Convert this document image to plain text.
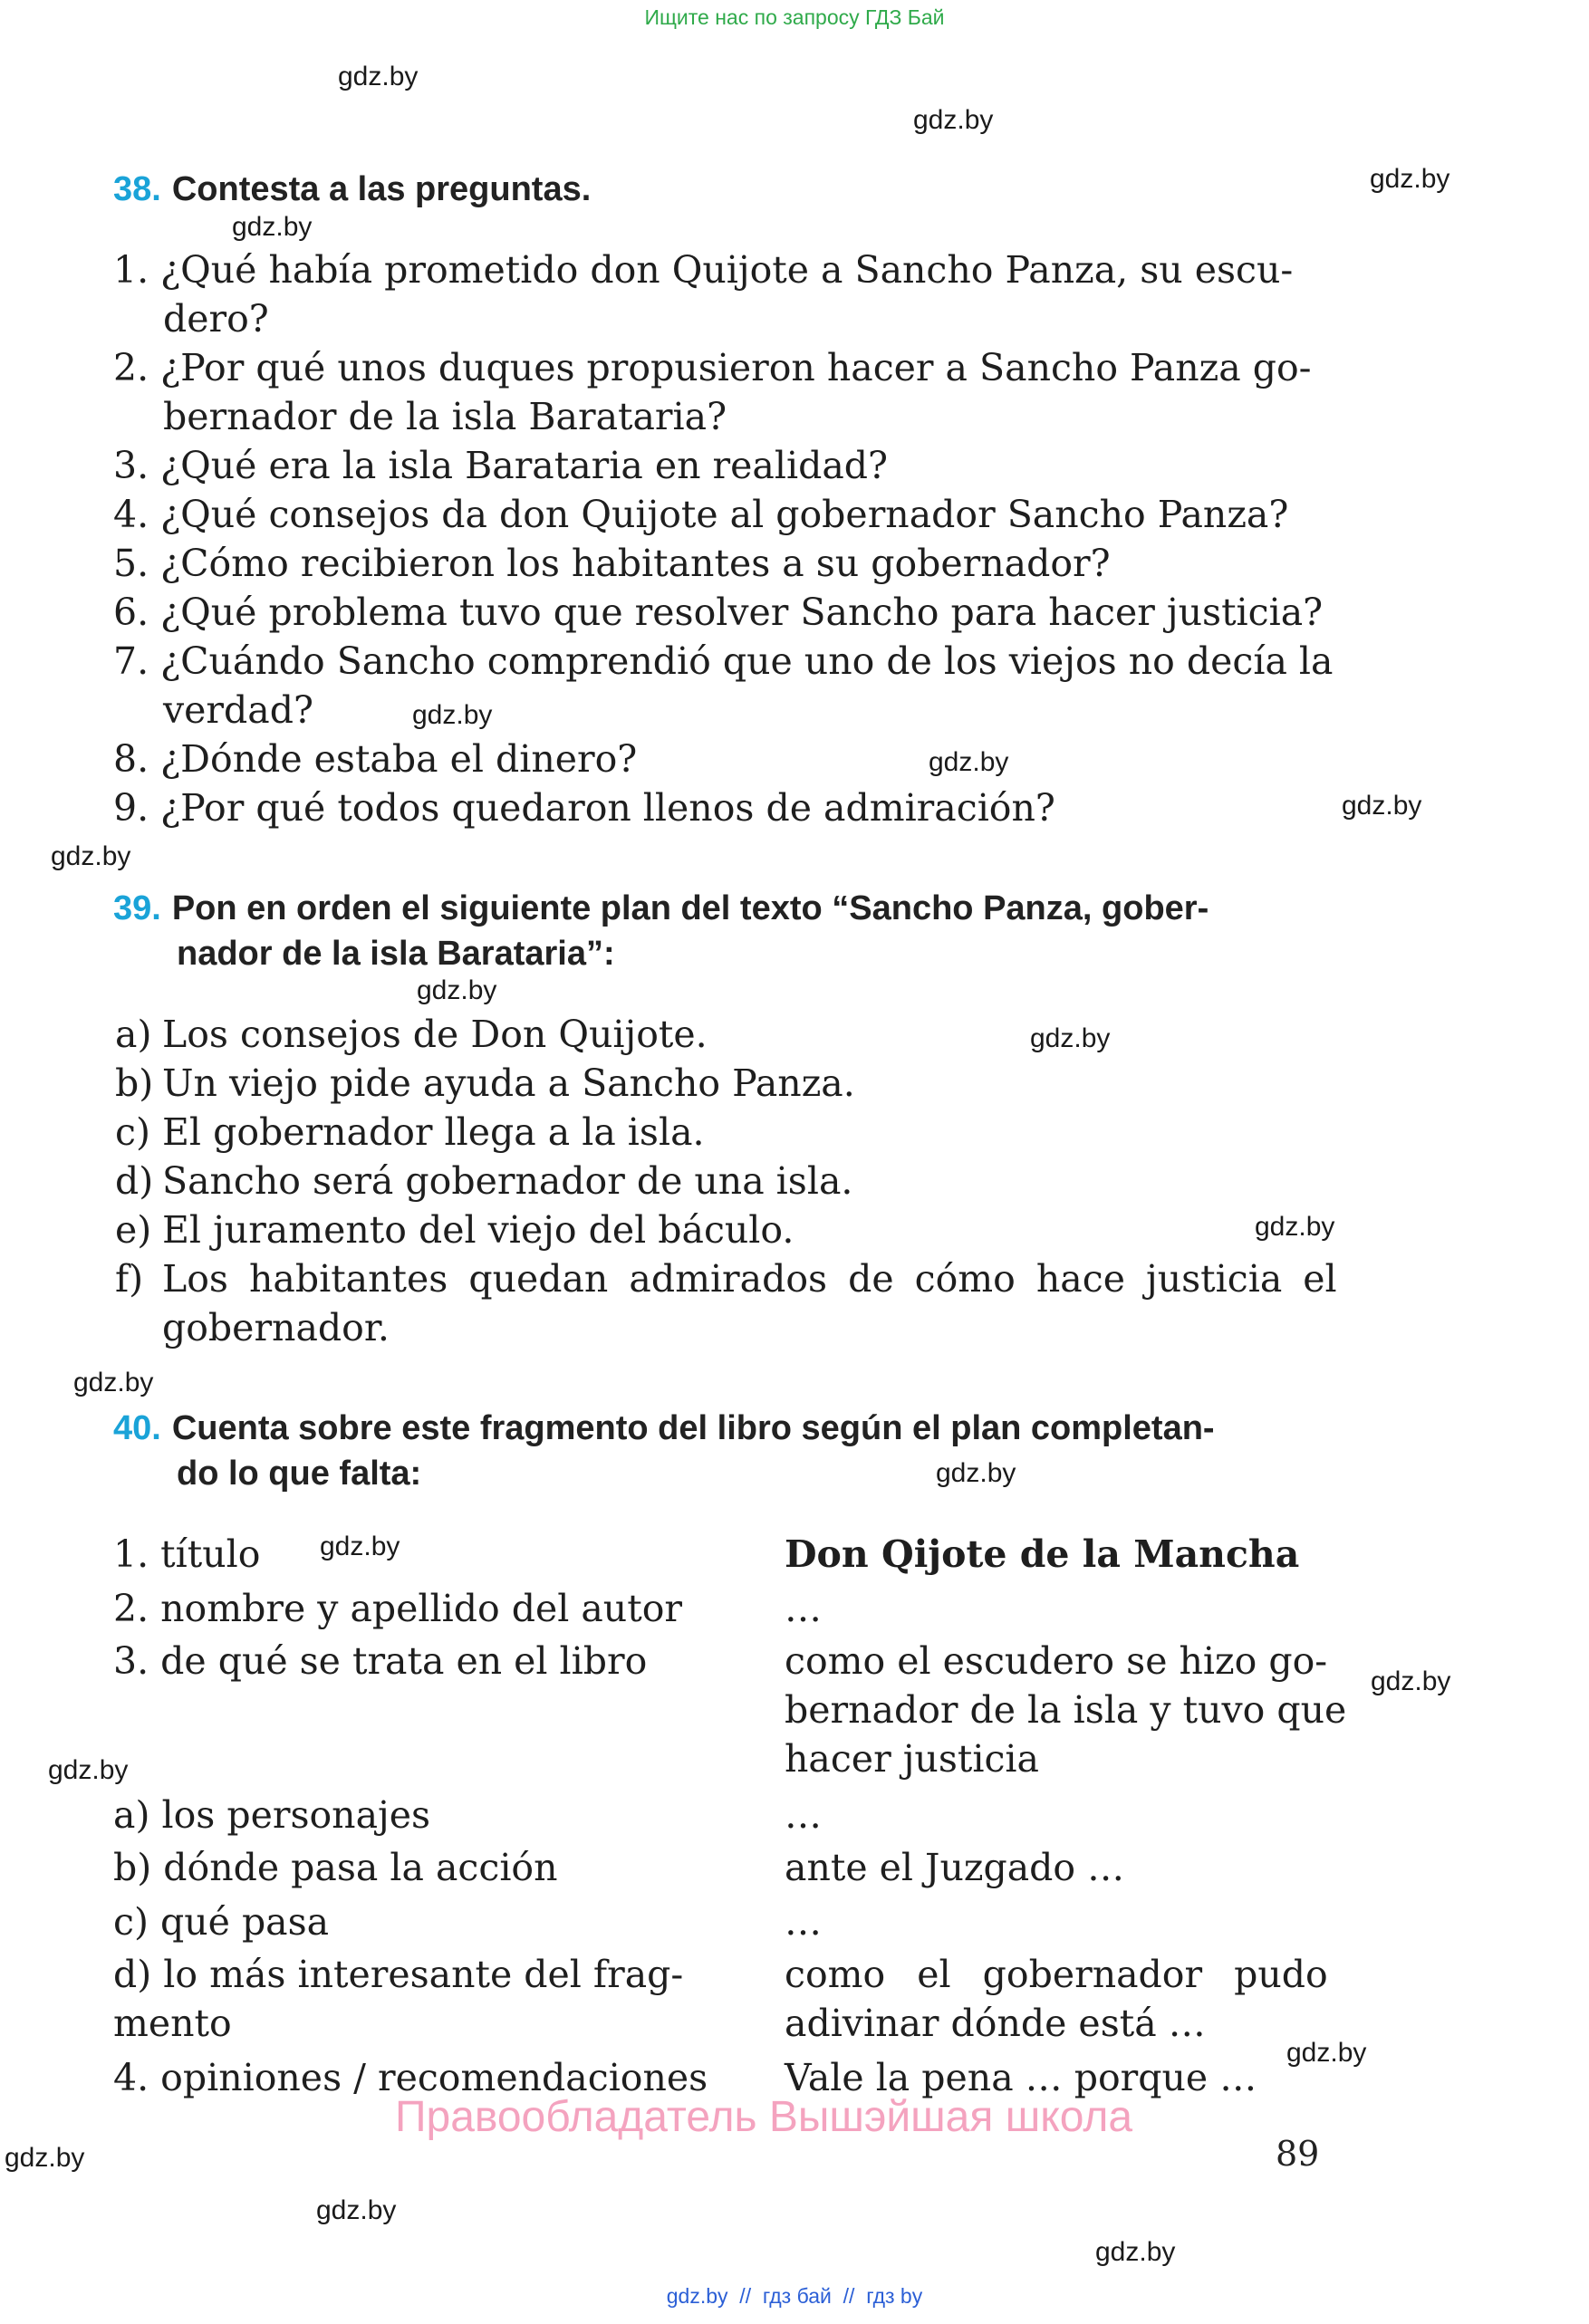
Ищите нас по запросу ГДЗ Бай
gdz.by
gdz.by
gdz.by
gdz.by
gdz.by
gdz.by
gdz.by
gdz.by
gdz.by
gdz.by
gdz.by
gdz.by
gdz.by
gdz.by
gdz.by
gdz.by
gdz.by
gdz.by
gdz.by
gdz.by
38. Contesta a las preguntas.
1. ¿Qué había prometido don Quijote a Sancho Panza, su escu-
dero?
2. ¿Por qué unos duques propusieron hacer a Sancho Panza go-
bernador de la isla Barataria?
3. ¿Qué era la isla Barataria en realidad?
4. ¿Qué consejos da don Quijote al gobernador Sancho Panza?
5. ¿Cómo recibieron los habitantes a su gobernador?
6. ¿Qué problema tuvo que resolver Sancho para hacer justicia?
7. ¿Cuándo Sancho comprendió que uno de los viejos no decía la
verdad?
8. ¿Dónde estaba el dinero?
9. ¿Por qué todos quedaron llenos de admiración?
39. Pon en orden el siguiente plan del texto “Sancho Panza, gober-
nador de la isla Barataria”:
a) Los consejos de Don Quijote.
b) Un viejo pide ayuda a Sancho Panza.
c) El gobernador llega a la isla.
d) Sancho será gobernador de una isla.
e) El juramento del viejo del báculo.
f) Los habitantes quedan admirados de cómo hace justicia el
gobernador.
40. Cuenta sobre este fragmento del libro según el plan completan-
do lo que falta:
1. título
2. nombre y apellido del autor
3. de qué se trata en el libro
a) los personajes
b) dónde pasa la acción
c) qué pasa
d) lo más interesante del frag-
mento
4. opiniones / recomendaciones
Don Qijote de la Mancha
…
como el escudero se hizo go-
bernador de la isla y tuvo que
hacer justicia
…
ante el Juzgado …
…
como el gobernador pudo
adivinar dónde está …
Vale la pena … porque …
Правообладатель Вышэйшая школа
89
gdz.by  //  гдз бай  //  гдз by
